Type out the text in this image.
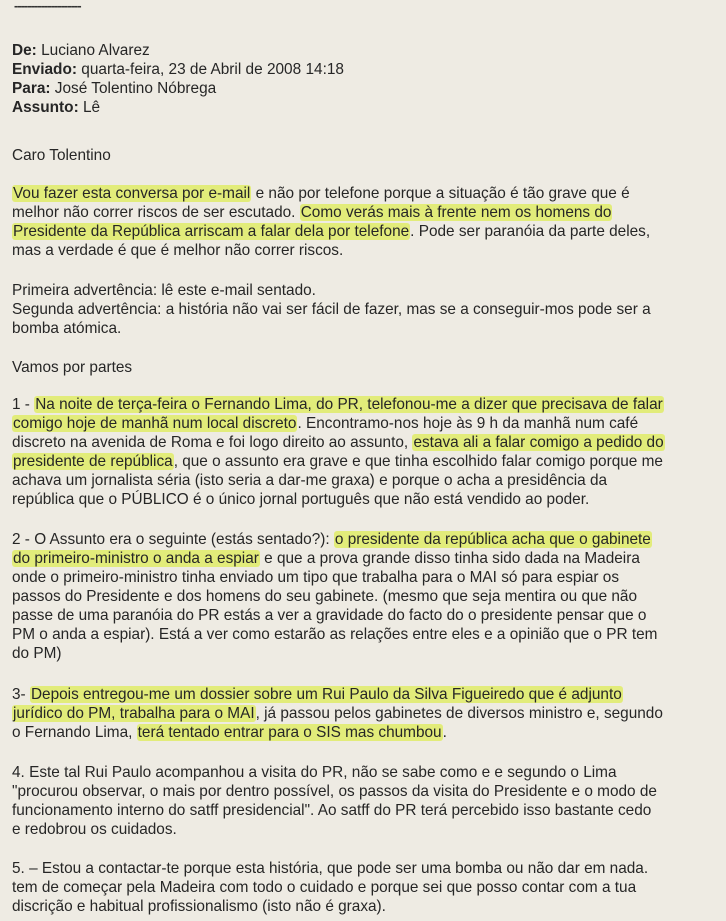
--------------------
De: Luciano Alvarez
Enviado: quarta-feira, 23 de Abril de 2008 14:18
Para: José Tolentino Nóbrega
Assunto: Lê
Caro Tolentino
Vou fazer esta conversa por e-mail e não por telefone porque a situação é tão grave que é
melhor não correr riscos de ser escutado. Como verás mais à frente nem os homens do
Presidente da República arriscam a falar dela por telefone. Pode ser paranóia da parte deles,
mas a verdade é que é melhor não correr riscos.
Primeira advertência: lê este e-mail sentado.
Segunda advertência: a história não vai ser fácil de fazer, mas se a conseguir-mos pode ser a
bomba atómica.
Vamos por partes
1 - Na noite de terça-feira o Fernando Lima, do PR, telefonou-me a dizer que precisava de falar
comigo hoje de manhã num local discreto. Encontramo-nos hoje às 9 h da manhã num café
discreto na avenida de Roma e foi logo direito ao assunto, estava ali a falar comigo a pedido do
presidente de república, que o assunto era grave e que tinha escolhido falar comigo porque me
achava um jornalista séria (isto seria a dar-me graxa) e porque o acha a presidência da
república que o PÚBLICO é o único jornal português que não está vendido ao poder.
2 - O Assunto era o seguinte (estás sentado?): o presidente da república acha que o gabinete
do primeiro-ministro o anda a espiar e que a prova grande disso tinha sido dada na Madeira
onde o primeiro-ministro tinha enviado um tipo que trabalha para o MAI só para espiar os
passos do Presidente e dos homens do seu gabinete. (mesmo que seja mentira ou que não
passe de uma paranóia do PR estás a ver a gravidade do facto do o presidente pensar que o
PM o anda a espiar). Está a ver como estarão as relações entre eles e a opinião que o PR tem
do PM)
3- Depois entregou-me um dossier sobre um Rui Paulo da Silva Figueiredo que é adjunto
jurídico do PM, trabalha para o MAI, já passou pelos gabinetes de diversos ministro e, segundo
o Fernando Lima, terá tentado entrar para o SIS mas chumbou.
4. Este tal Rui Paulo acompanhou a visita do PR, não se sabe como e e segundo o Lima
"procurou observar, o mais por dentro possível, os passos da visita do Presidente e o modo de
funcionamento interno do satff presidencial". Ao satff do PR terá percebido isso bastante cedo
e redobrou os cuidados.
5. – Estou a contactar-te porque esta história, que pode ser uma bomba ou não dar em nada.
tem de começar pela Madeira com todo o cuidado e porque sei que posso contar com a tua
discrição e habitual profissionalismo (isto não é graxa).
